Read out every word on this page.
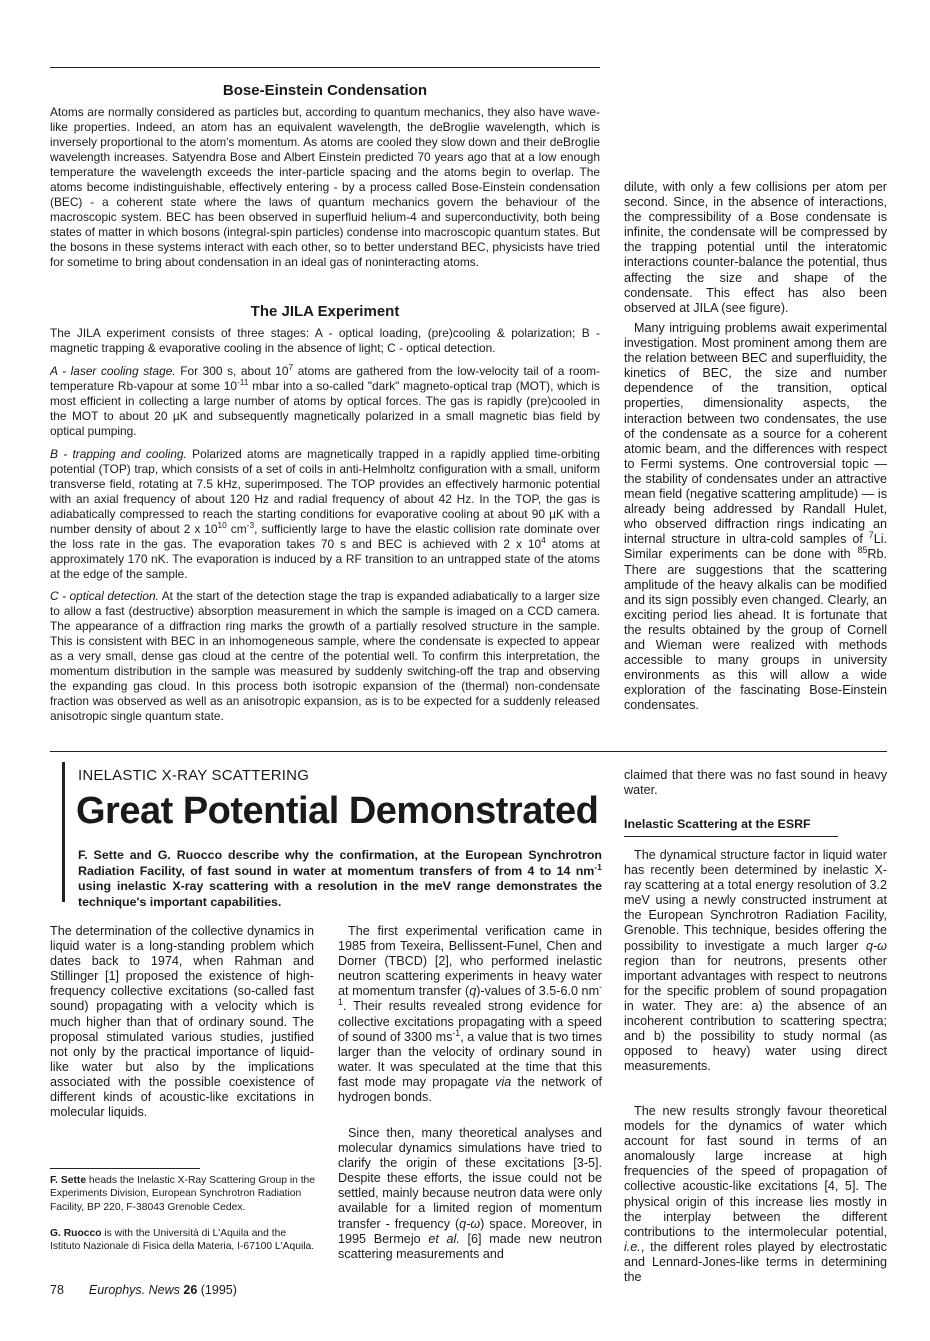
Bose-Einstein Condensation

Atoms are normally considered as particles but, according to quantum mechanics, they also have wave-like properties. Indeed, an atom has an equivalent wavelength, the deBroglie wavelength, which is inversely proportional to the atom's momentum. As atoms are cooled they slow down and their deBroglie wavelength increases. Satyendra Bose and Albert Einstein predicted 70 years ago that at a low enough temperature the wavelength exceeds the inter-particle spacing and the atoms begin to overlap. The atoms become indistinguishable, effectively entering - by a process called Bose-Einstein condensation (BEC) - a coherent state where the laws of quantum mechanics govern the behaviour of the macroscopic system. BEC has been observed in superfluid helium-4 and superconductivity, both being states of matter in which bosons (integral-spin particles) condense into macroscopic quantum states. But the bosons in these systems interact with each other, so to better understand BEC, physicists have tried for sometime to bring about condensation in an ideal gas of noninteracting atoms.

The JILA Experiment

The JILA experiment consists of three stages: A - optical loading, (pre)cooling & polarization; B - magnetic trapping & evaporative cooling in the absence of light; C - optical detection.

A - laser cooling stage. For 300 s, about $10^7$ atoms are gathered from the low-velocity tail of a room-temperature Rb-vapour at some $10^{-11}$ mbar into a so-called "dark" magneto-optical trap (MOT), which is most efficient in collecting a large number of atoms by optical forces. The gas is rapidly (pre)cooled in the MOT to about 20 µK and subsequently magnetically polarized in a small magnetic bias field by optical pumping.

B - trapping and cooling. Polarized atoms are magnetically trapped in a rapidly applied time-orbiting potential (TOP) trap, which consists of a set of coils in anti-Helmholtz configuration with a small, uniform transverse field, rotating at 7.5 kHz, superimposed. The TOP provides an effectively harmonic potential with an axial frequency of about 120 Hz and radial frequency of about 42 Hz. In the TOP, the gas is adiabatically compressed to reach the starting conditions for evaporative cooling at about 90 µK with a number density of about 2 x $10^{10}$ $cm^{-3}$, sufficiently large to have the elastic collision rate dominate over the loss rate in the gas. The evaporation takes 70 s and BEC is achieved with 2 x $10^4$ atoms at approximately 170 nK. The evaporation is induced by a RF transition to an untrapped state of the atoms at the edge of the sample.

C - optical detection. At the start of the detection stage the trap is expanded adiabatically to a larger size to allow a fast (destructive) absorption measurement in which the sample is imaged on a CCD camera. The appearance of a diffraction ring marks the growth of a partially resolved structure in the sample. This is consistent with BEC in an inhomogeneous sample, where the condensate is expected to appear as a very small, dense gas cloud at the centre of the potential well. To confirm this interpretation, the momentum distribution in the sample was measured by suddenly switching-off the trap and observing the expanding gas cloud. In this process both isotropic expansion of the (thermal) non-condensate fraction was observed as well as an anisotropic expansion, as is to be expected for a suddenly released anisotropic single quantum state.

dilute, with only a few collisions per atom per second. Since, in the absence of interactions, the compressibility of a Bose condensate is infinite, the condensate will be compressed by the trapping potential until the interatomic interactions counter-balance the potential, thus affecting the size and shape of the condensate. This effect has also been observed at JILA (see figure).

Many intriguing problems await experimental investigation. Most prominent among them are the relation between BEC and superfluidity, the kinetics of BEC, the size and number dependence of the transition, optical properties, dimensionality aspects, the interaction between two condensates, the use of the condensate as a source for a coherent atomic beam, and the differences with respect to Fermi systems. One controversial topic — the stability of condensates under an attractive mean field (negative scattering amplitude) — is already being addressed by Randall Hulet, who observed diffraction rings indicating an internal structure in ultra-cold samples of $^7$Li. Similar experiments can be done with $^{85}$Rb. There are suggestions that the scattering amplitude of the heavy alkalis can be modified and its sign possibly even changed. Clearly, an exciting period lies ahead. It is fortunate that the results obtained by the group of Cornell and Wieman were realized with methods accessible to many groups in university environments as this will allow a wide exploration of the fascinating Bose-Einstein condensates.

INELASTIC X-RAY SCATTERING
Great Potential Demonstrated

F. Sette and G. Ruocco describe why the confirmation, at the European Synchrotron Radiation Facility, of fast sound in water at momentum transfers of from 4 to 14 $nm^{-1}$ using inelastic X-ray scattering with a resolution in the meV range demonstrates the technique's important capabilities.

The determination of the collective dynamics in liquid water is a long-standing problem which dates back to 1974, when Rahman and Stillinger [1] proposed the existence of high-frequency collective excitations (so-called fast sound) propagating with a velocity which is much higher than that of ordinary sound. The proposal stimulated various studies, justified not only by the practical importance of liquid-like water but also by the implications associated with the possible coexistence of different kinds of acoustic-like excitations in molecular liquids.

The first experimental verification came in 1985 from Texeira, Bellissent-Funel, Chen and Dorner (TBCD) [2], who performed inelastic neutron scattering experiments in heavy water at momentum transfer (q)-values of 3.5-6.0 $nm^{-1}$. Their results revealed strong evidence for collective excitations propagating with a speed of sound of 3300 $ms^{-1}$, a value that is two times larger than the velocity of ordinary sound in water. It was speculated at the time that this fast mode may propagate via the network of hydrogen bonds.

Since then, many theoretical analyses and molecular dynamics simulations have tried to clarify the origin of these excitations [3-5]. Despite these efforts, the issue could not be settled, mainly because neutron data were only available for a limited region of momentum transfer - frequency (q-ω) space. Moreover, in 1995 Bermejo et al. [6] made new neutron scattering measurements and

claimed that there was no fast sound in heavy water.

Inelastic Scattering at the ESRF

The dynamical structure factor in liquid water has recently been determined by inelastic X-ray scattering at a total energy resolution of 3.2 meV using a newly constructed instrument at the European Synchrotron Radiation Facility, Grenoble. This technique, besides offering the possibility to investigate a much larger q-ω region than for neutrons, presents other important advantages with respect to neutrons for the specific problem of sound propagation in water. They are: a) the absence of an incoherent contribution to scattering spectra; and b) the possibility to study normal (as opposed to heavy) water using direct measurements.

The new results strongly favour theoretical models for the dynamics of water which account for fast sound in terms of an anomalously large increase at high frequencies of the speed of propagation of collective acoustic-like excitations [4, 5]. The physical origin of this increase lies mostly in the interplay between the different contributions to the intermolecular potential, i.e., the different roles played by electrostatic and Lennard-Jones-like terms in determining the

F. Sette heads the Inelastic X-Ray Scattering Group in the Experiments Division, European Synchrotron Radiation Facility, BP 220, F-38043 Grenoble Cedex.
G. Ruocco is with the Università di L'Aquila and the Istituto Nazionale di Fisica della Materia, I-67100 L'Aquila.
78 Europhys. News 26 (1995)
